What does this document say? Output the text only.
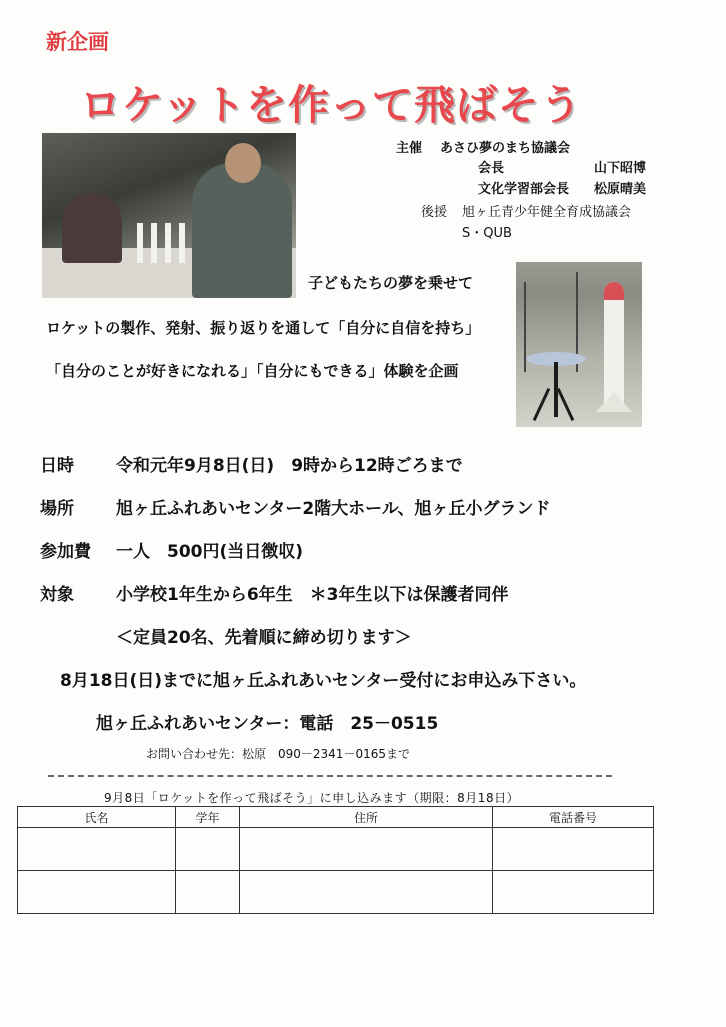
新企画
ロケットを作って飛ばそう
主催 あさひ夢のまち協議会
会長	山下昭博
文化学習部会長 松原晴美
後援 旭ヶ丘青少年健全育成協議会
S・QUB
子どもたちの夢を乗せて
ロケットの製作、発射、振り返りを通して「自分に自信を持ち」
「自分のことが好きになれる」「自分にもできる」体験を企画
日時 令和元年9月8日(日)　9時から12時ごろまで
場所 旭ヶ丘ふれあいセンター2階大ホール、旭ヶ丘小グランド
参加費 一人　500円(当日徴収)
対象 小学校1年生から6年生　＊3年生以下は保護者同伴
＜定員20名、先着順に締め切ります＞
8月18日(日)までに旭ヶ丘ふれあいセンター受付にお申込み下さい。
旭ヶ丘ふれあいセンター：電話　25－0515
お問い合わせ先：松原　090－2341－0165まで
9月8日「ロケットを作って飛ばそう」に申し込みます（期限：8月18日）
氏名	学年	住所	電話番号
